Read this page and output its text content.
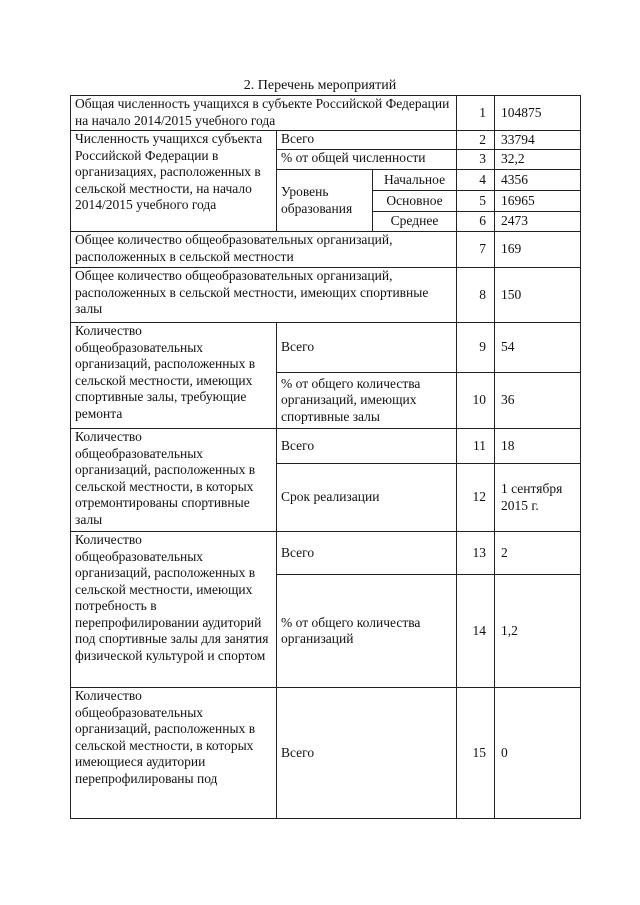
2. Перечень мероприятий
Общая численность учащихся в субъекте Российской Федерации на начало 2014/2015 учебного года			1	104875
Численность учащихся субъекта Российской Федерации в организациях, расположенных в сельской местности, на начало 2014/2015 учебного года	Всего		2	33794
	% от общей численности		3	32,2
	Уровень образования	Начальное	4	4356
		Основное	5	16965
		Среднее	6	2473
Общее количество общеобразовательных организаций, расположенных в сельской местности			7	169
Общее количество общеобразовательных организаций, расположенных в сельской местности, имеющих спортивные залы			8	150
Количество общеобразовательных организаций, расположенных в сельской местности, имеющих спортивные залы, требующие ремонта	Всего		9	54
	% от общего количества организаций, имеющих спортивные залы		10	36
Количество общеобразовательных организаций, расположенных в сельской местности, в которых отремонтированы спортивные залы	Всего		11	18
	Срок реализации		12	1 сентября 2015 г.
Количество общеобразовательных организаций, расположенных в сельской местности, имеющих потребность в перепрофилировании аудиторий под спортивные залы для занятия физической культурой и спортом	Всего		13	2
	% от общего количества организаций		14	1,2
Количество общеобразовательных организаций, расположенных в сельской местности, в которых имеющиеся аудитории перепрофилированы под	Всего		15	0
